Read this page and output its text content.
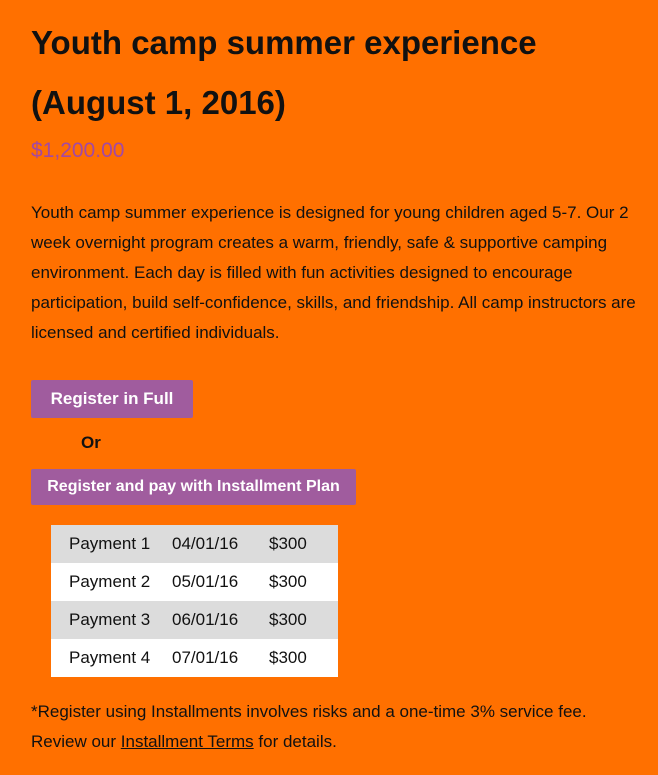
Youth camp summer experience
(August 1, 2016)
$1,200.00
Youth camp summer experience is designed for young children aged 5-7. Our 2 week overnight program creates a warm, friendly, safe & supportive camping environment. Each day is filled with fun activities designed to encourage participation, build self-confidence, skills, and friendship. All camp instructors are licensed and certified individuals.
Register in Full
Or
Register and pay with Installment Plan
Payment 1	04/01/16	$300
Payment 2	05/01/16	$300
Payment 3	06/01/16	$300
Payment 4	07/01/16	$300
*Register using Installments involves risks and a one-time 3% service fee. Review our Installment Terms for details.
